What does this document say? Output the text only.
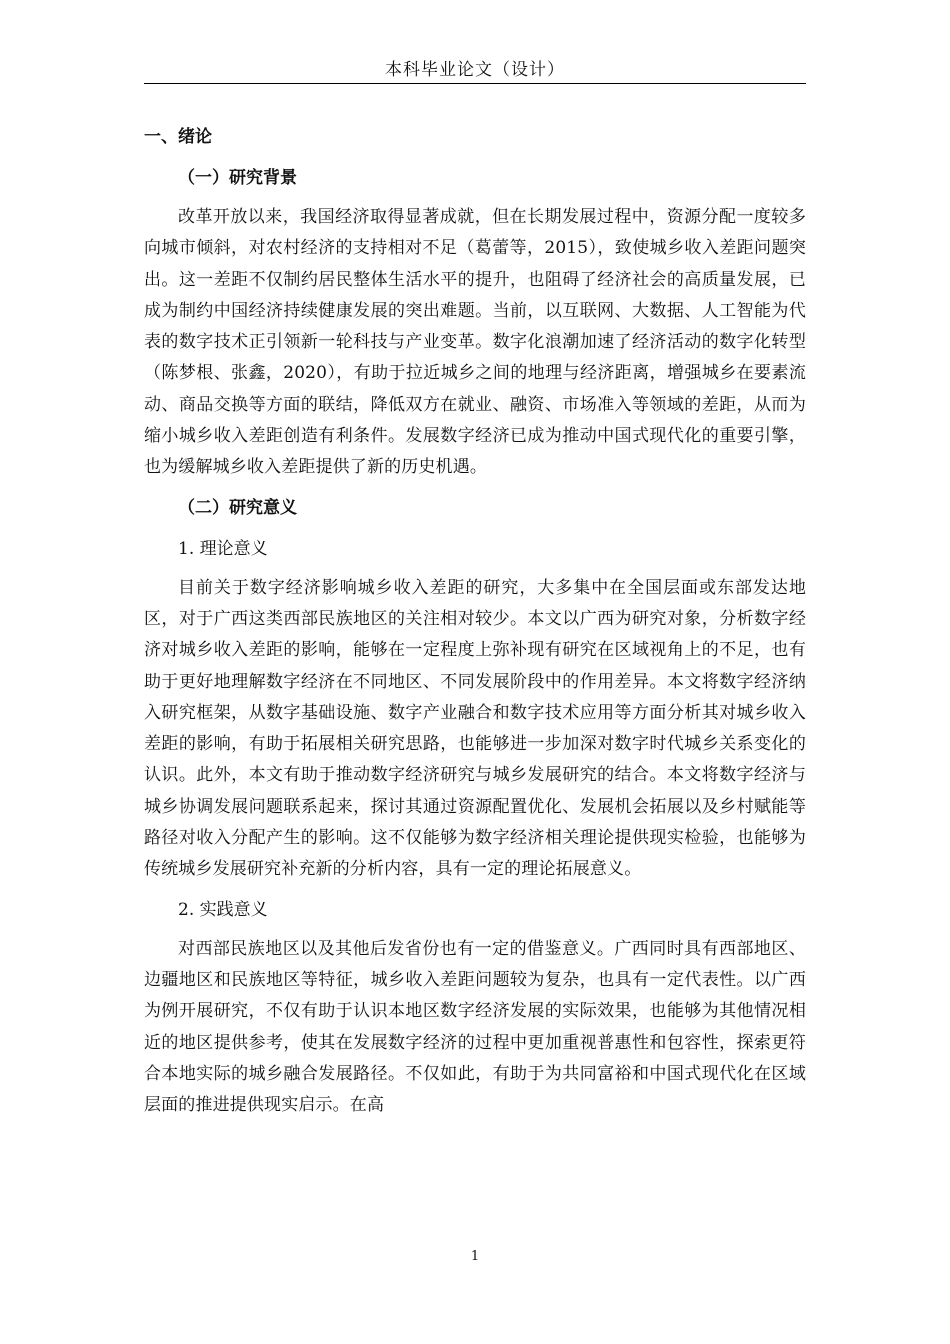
本科毕业论文（设计）
一、绪论
（一）研究背景

改革开放以来，我国经济取得显著成就，但在长期发展过程中，资源分配一度较多向城市倾斜，对农村经济的支持相对不足（葛蕾等，2015），致使城乡收入差距问题突出。这一差距不仅制约居民整体生活水平的提升，也阻碍了经济社会的高质量发展，已成为制约中国经济持续健康发展的突出难题。当前，以互联网、大数据、人工智能为代表的数字技术正引领新一轮科技与产业变革。数字化浪潮加速了经济活动的数字化转型（陈梦根、张鑫，2020），有助于拉近城乡之间的地理与经济距离，增强城乡在要素流动、商品交换等方面的联结，降低双方在就业、融资、市场准入等领域的差距，从而为缩小城乡收入差距创造有利条件。发展数字经济已成为推动中国式现代化的重要引擎，也为缓解城乡收入差距提供了新的历史机遇。

（二）研究意义
1. 理论意义

目前关于数字经济影响城乡收入差距的研究，大多集中在全国层面或东部发达地区，对于广西这类西部民族地区的关注相对较少。本文以广西为研究对象，分析数字经济对城乡收入差距的影响，能够在一定程度上弥补现有研究在区域视角上的不足，也有助于更好地理解数字经济在不同地区、不同发展阶段中的作用差异。本文将数字经济纳入研究框架，从数字基础设施、数字产业融合和数字技术应用等方面分析其对城乡收入差距的影响，有助于拓展相关研究思路，也能够进一步加深对数字时代城乡关系变化的认识。此外，本文有助于推动数字经济研究与城乡发展研究的结合。本文将数字经济与城乡协调发展问题联系起来，探讨其通过资源配置优化、发展机会拓展以及乡村赋能等路径对收入分配产生的影响。这不仅能够为数字经济相关理论提供现实检验，也能够为传统城乡发展研究补充新的分析内容，具有一定的理论拓展意义。

2. 实践意义

对西部民族地区以及其他后发省份也有一定的借鉴意义。广西同时具有西部地区、边疆地区和民族地区等特征，城乡收入差距问题较为复杂，也具有一定代表性。以广西为例开展研究，不仅有助于认识本地区数字经济发展的实际效果，也能够为其他情况相近的地区提供参考，使其在发展数字经济的过程中更加重视普惠性和包容性，探索更符合本地实际的城乡融合发展路径。不仅如此，有助于为共同富裕和中国式现代化在区域层面的推进提供现实启示。在高

1
